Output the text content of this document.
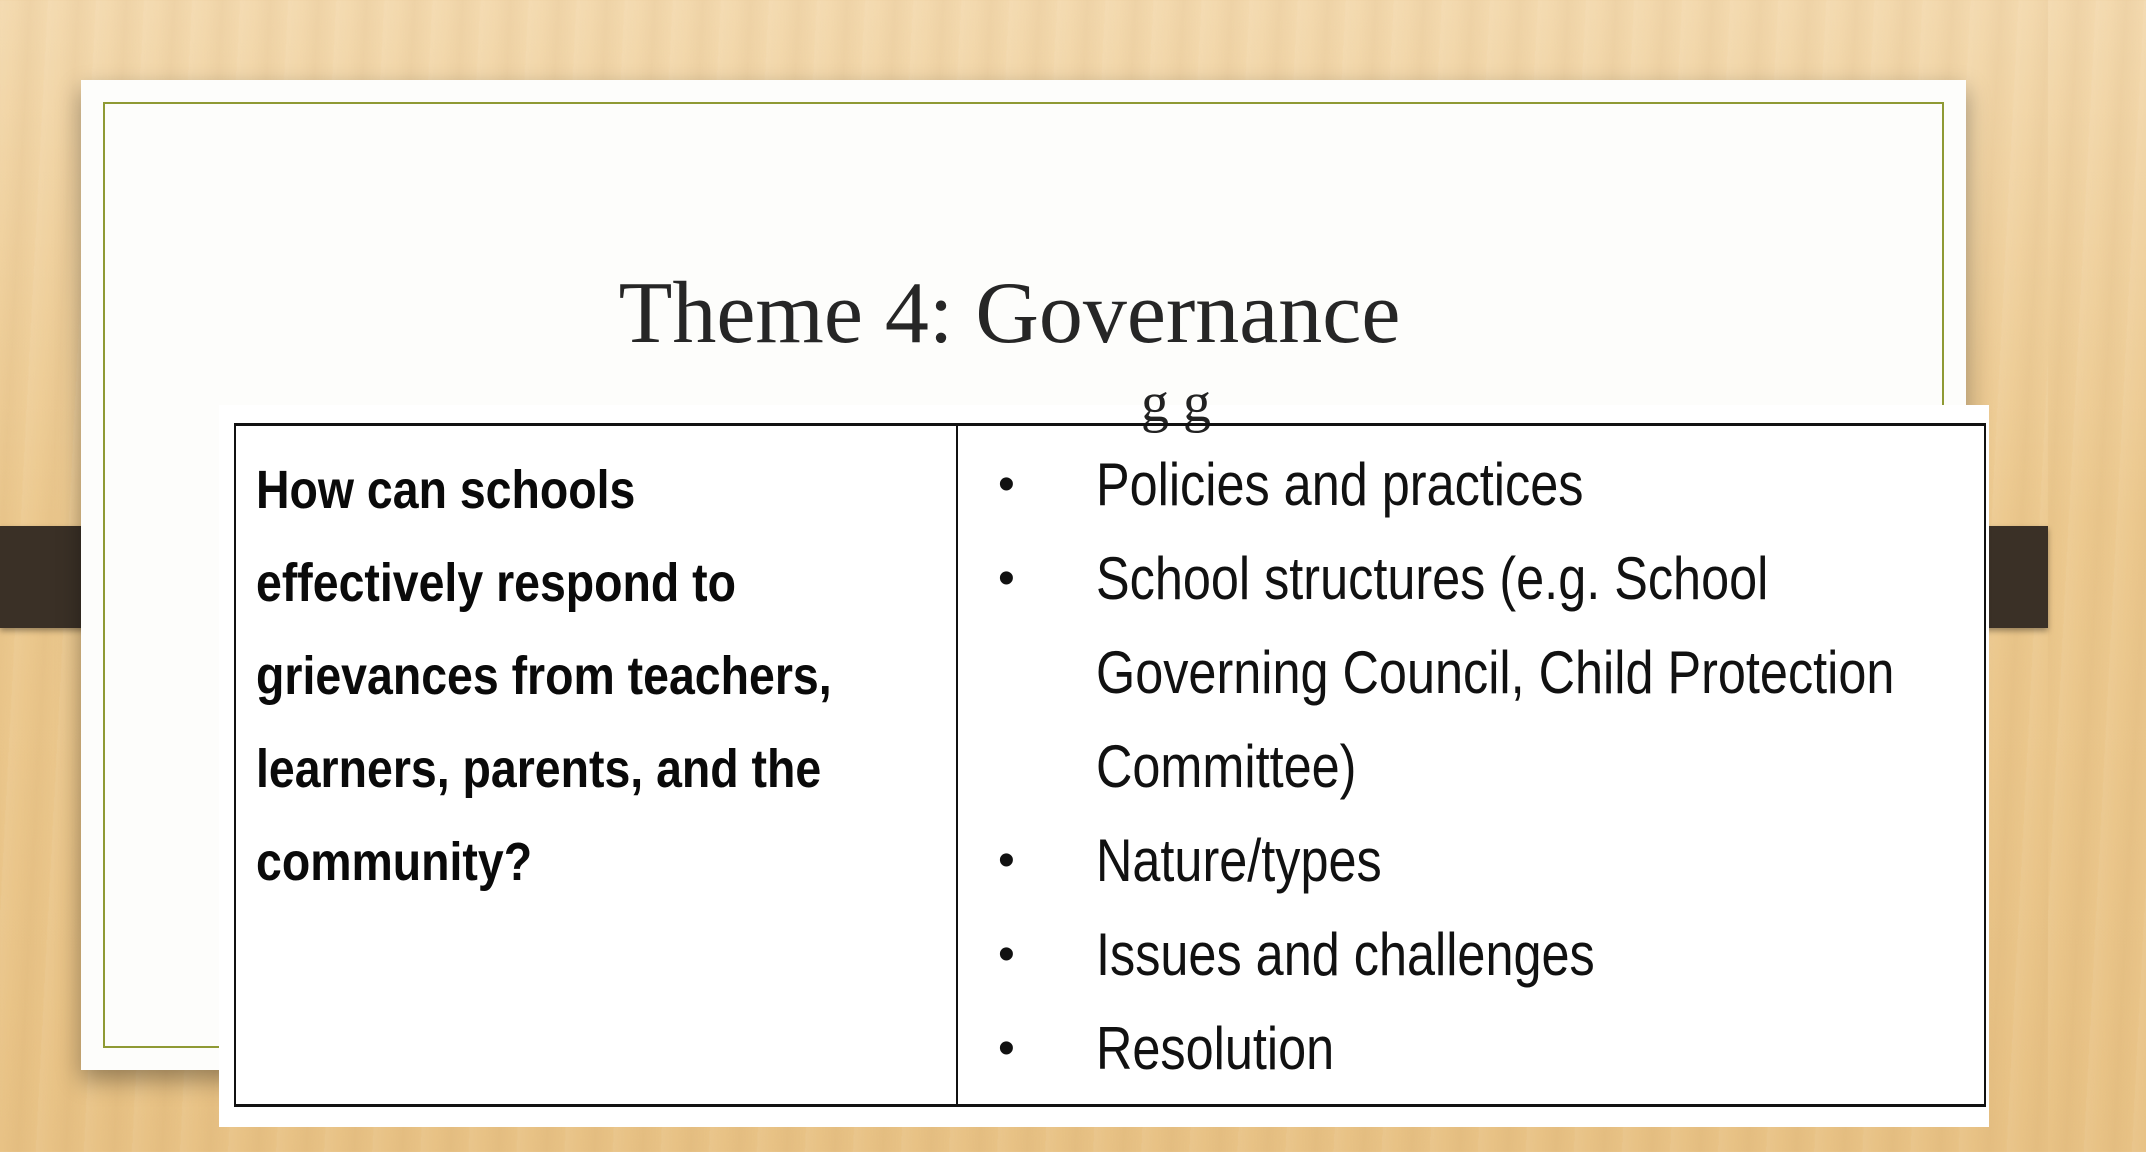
Theme 4: Governance
g g

How can schools effectively respond to grievances from teachers, learners, parents, and the community?

•	Policies and practices
•	School structures (e.g. School Governing Council, Child Protection Committee)
•	Nature/types
•	Issues and challenges
•	Resolution
